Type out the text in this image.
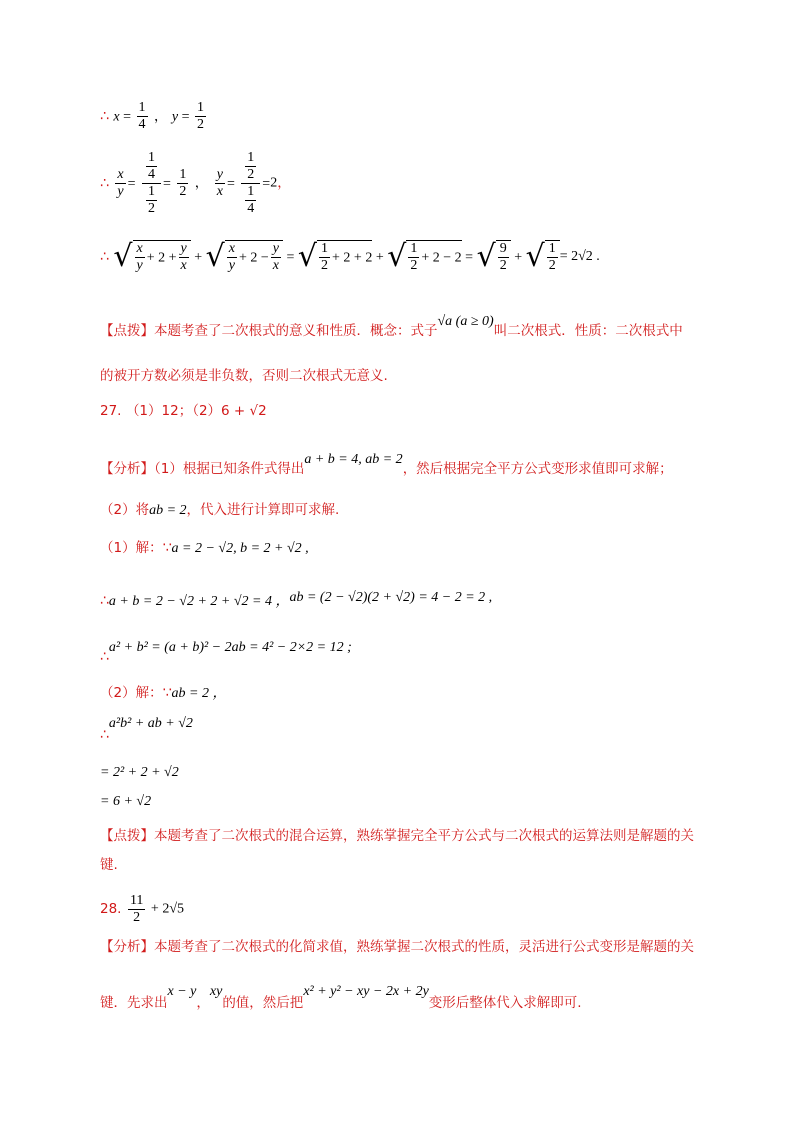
∴ $x = \frac{1}{4}$ ， $y = \frac{1}{2}$
∴ $\frac{x}{y} = \frac{\frac{1}{4}}{\frac{1}{2}} = \frac{1}{2}$ ， $\frac{y}{x} = \frac{\frac{1}{2}}{\frac{1}{4}} =2$，
∴ √ $\frac{x}{y} + 2 + \frac{y}{x}$ + √ $\frac{x}{y} + 2 - \frac{y}{x}$ = √ $\frac{1}{2} + 2 + 2$ + √ $\frac{1}{2} + 2 - 2$ = √ $\frac{9}{2}$ + √ $\frac{1}{2} = 2√2$ .
【点拨】本题考查了二次根式的意义和性质．概念：式子√a (a ≥ 0)叫二次根式．性质：二次根式中
的被开方数必须是非负数，否则二次根式无意义.
27. （1）12；（2）6 + √2
【分析】（1）根据已知条件式得出a + b = 4, ab = 2，然后根据完全平方公式变形求值即可求解；
（2）将ab = 2，代入进行计算即可求解.
（1）解：∵a = 2 − √2, b = 2 + √2 ,
∴a + b = 2 − √2 + 2 + √2 = 4 ，ab = (2 − √2)(2 + √2) = 4 − 2 = 2 ,
∴a² + b² = (a + b)² − 2ab = 4² − 2×2 = 12 ;
（2）解：∵ab = 2 ，
∴a²b² + ab + √2
= 2² + 2 + √2
= 6 + √2
【点拨】本题考查了二次根式的混合运算，熟练掌握完全平方公式与二次根式的运算法则是解题的关
键.
28. $\frac{11}{2} + 2√5$
【分析】本题考查了二次根式的化简求值，熟练掌握二次根式的性质，灵活进行公式变形是解题的关
键．先求出x − y，xy的值，然后把x² + y² − xy − 2x + 2y变形后整体代入求解即可.
